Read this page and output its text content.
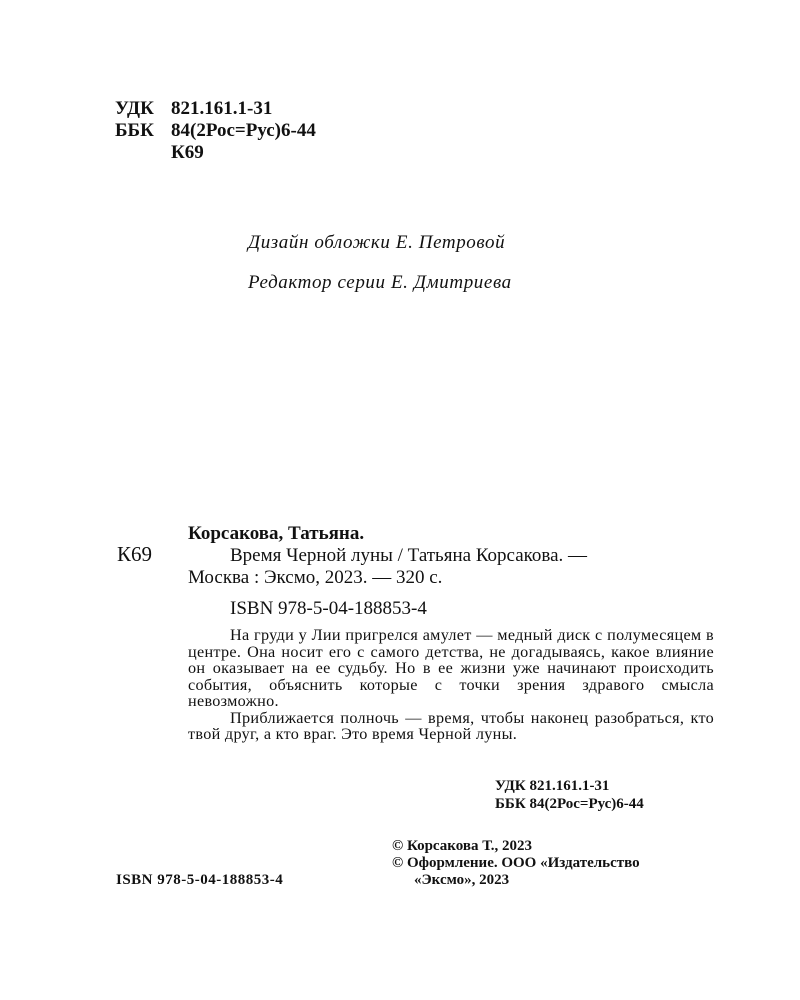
УДК 821.161.1-31
ББК 84(2Рос=Рус)6-44
К69
Дизайн обложки Е. Петровой
Редактор серии Е. Дмитриева
К69
Корсакова, Татьяна.
Время Черной луны / Татьяна Корсакова. —
Москва : Эксмо, 2023. — 320 с.
ISBN 978-5-04-188853-4

На груди у Лии пригрелся амулет — медный диск с полумесяцем в центре. Она носит его с самого детства, не догадываясь, какое влияние он оказывает на ее судьбу. Но в ее жизни уже начинают происходить события, объяснить которые с точки зрения здравого смысла невозможно.

Приближается полночь — время, чтобы наконец разобраться, кто твой друг, а кто враг. Это время Черной луны.

УДК 821.161.1-31
ББК 84(2Рос=Рус)6-44
© Корсакова Т., 2023
© Оформление. ООО «Издательство
«Эксмо», 2023
ISBN 978-5-04-188853-4
